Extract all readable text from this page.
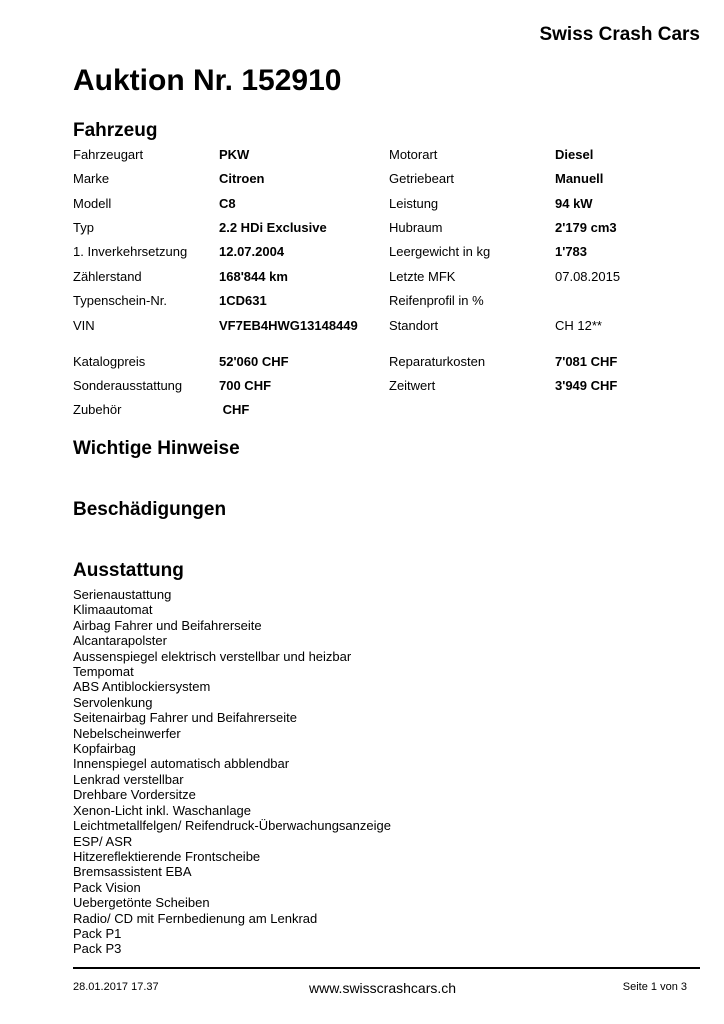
Swiss Crash Cars
Auktion Nr. 152910
Fahrzeug
Fahrzeugart	PKW	Motorart	Diesel
Marke	Citroen	Getriebeart	Manuell
Modell	C8	Leistung	94 kW
Typ	2.2 HDi Exclusive	Hubraum	2'179 cm3
1. Inverkehrsetzung 12.07.2004	Leergewicht in kg	1'783
Zählerstand	168'844 km	Letzte MFK	07.08.2015
Typenschein-Nr.	1CD631	Reifenprofil in %
VIN	VF7EB4HWG13148449 Standort	CH 12**
Katalogpreis	52'060 CHF	Reparaturkosten	7'081 CHF
Sonderausstattung	700 CHF	Zeitwert	3'949 CHF
Zubehör	CHF
Wichtige Hinweise
Beschädigungen
Ausstattung
Serienaustattung
Klimaautomat
Airbag Fahrer und Beifahrerseite
Alcantarapolster
Aussenspiegel elektrisch verstellbar und heizbar
Tempomat
ABS Antiblockiersystem
Servolenkung
Seitenairbag Fahrer und Beifahrerseite
Nebelscheinwerfer
Kopfairbag
Innenspiegel automatisch abblendbar
Lenkrad verstellbar
Drehbare Vordersitze
Xenon-Licht inkl. Waschanlage
Leichtmetallfelgen/ Reifendruck-Überwachungsanzeige
ESP/ ASR
Hitzereflektierende Frontscheibe
Bremsassistent EBA
Pack Vision
Uebergetönte Scheiben
Radio/ CD mit Fernbedienung am Lenkrad
Pack P1
Pack P3
28.01.2017 17.37	www.swisscrashcars.ch	Seite 1 von 3
